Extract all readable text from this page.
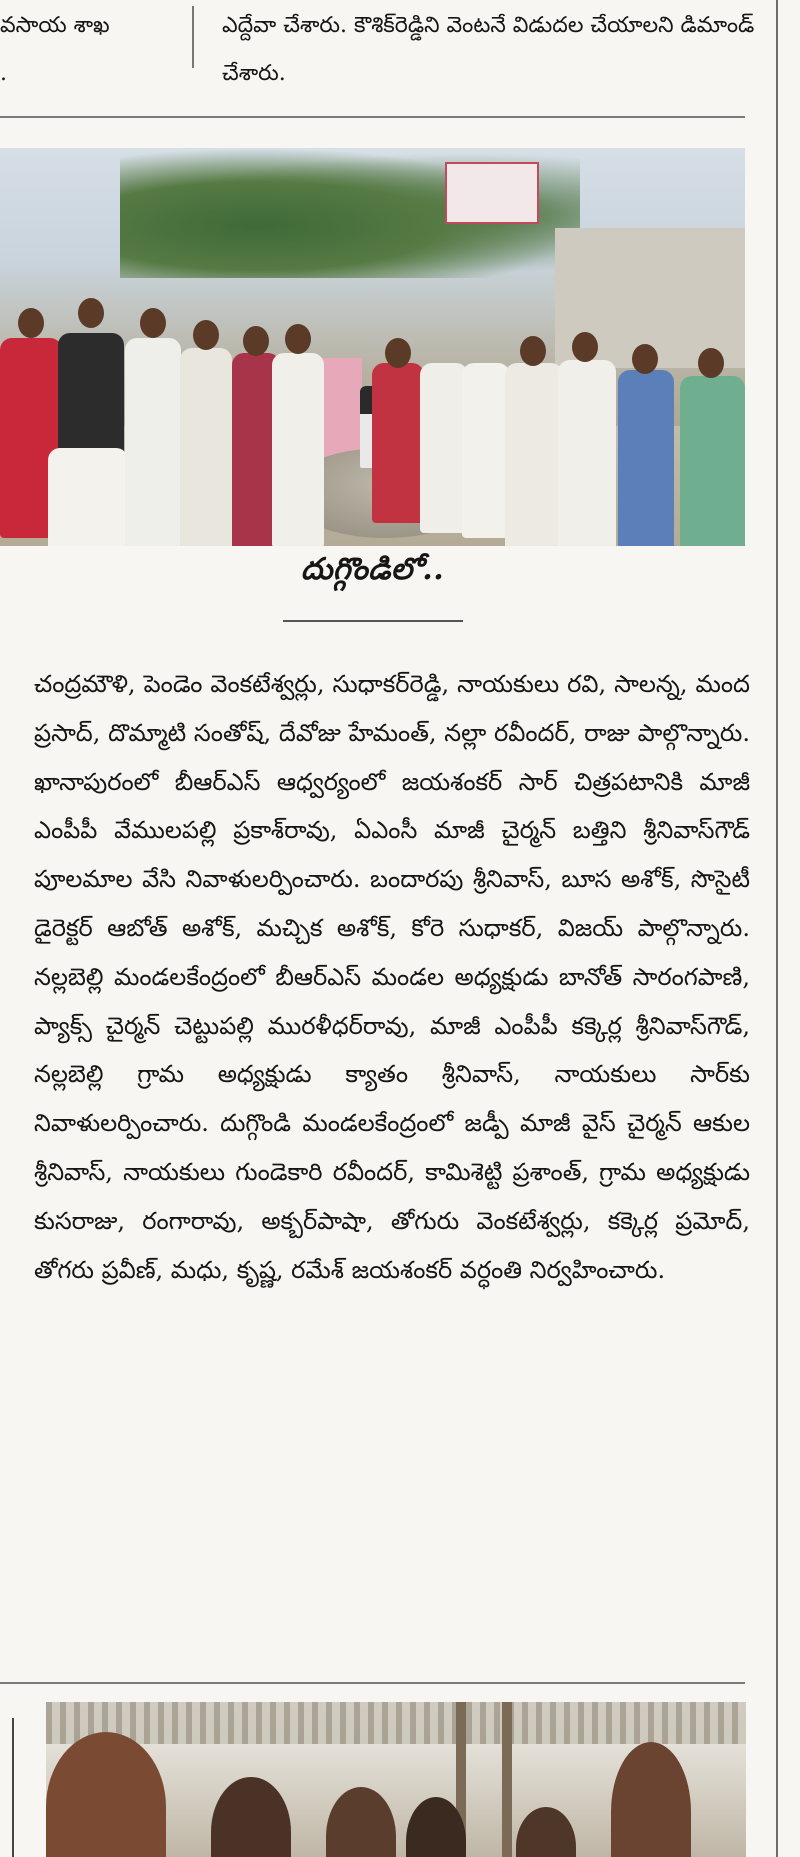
వసాయ శాఖ
.
ఎద్దేవా చేశారు. కౌశిక్‌రెడ్డిని వెంటనే విడుదల చేయాలని డిమాండ్ చేశారు.
దుగ్గొండిలో..

చంద్రమౌళి, పెండెం వెంకటేశ్వర్లు, సుధాకర్‌రెడ్డి, నాయకులు రవి, సాలన్న, మంద ప్రసాద్, దొమ్మాటి సంతోష్, దేవోజు హేమంత్, నల్లా రవీందర్, రాజు పాల్గొన్నారు. ఖానాపురంలో బీఆర్‌ఎస్ ఆధ్వర్యంలో జయశంకర్ సార్ చిత్రపటానికి మాజీ ఎంపీపీ వేములపల్లి ప్రకాశ్‌రావు, ఏఎంసీ మాజీ చైర్మన్ బత్తిని శ్రీనివాస్‌గౌడ్ పూలమాల వేసి నివాళులర్పించారు. బందారపు శ్రీనివాస్, బూస అశోక్, సొసైటీ డైరెక్టర్ ఆబోత్ అశోక్, మచ్చిక అశోక్, కోరె సుధాకర్, విజయ్ పాల్గొన్నారు. నల్లబెల్లి మండలకేంద్రంలో బీఆర్‌ఎస్ మండల అధ్యక్షుడు బానోత్ సారంగపాణి, ప్యాక్స్ చైర్మన్ చెట్టుపల్లి మురళీధర్‌రావు, మాజీ ఎంపీపీ కక్కెర్ల శ్రీనివాస్‌గౌడ్, నల్లబెల్లి గ్రామ అధ్యక్షుడు క్యాతం శ్రీనివాస్, నాయకులు సార్‌కు నివాళులర్పించారు. దుగ్గొండి మండలకేంద్రంలో జడ్పీ మాజీ వైస్ చైర్మన్ ఆకుల శ్రీనివాస్, నాయకులు గుండెకారి రవీందర్, కామిశెట్టి ప్రశాంత్, గ్రామ అధ్యక్షుడు కుసరాజు, రంగారావు, అక్బర్‌పాషా, తోగురు వెంకటేశ్వర్లు, కక్కెర్ల ప్రమోద్, తోగరు ప్రవీణ్, మధు, కృష్ణ, రమేశ్ జయశంకర్ వర్ధంతి నిర్వహించారు.
